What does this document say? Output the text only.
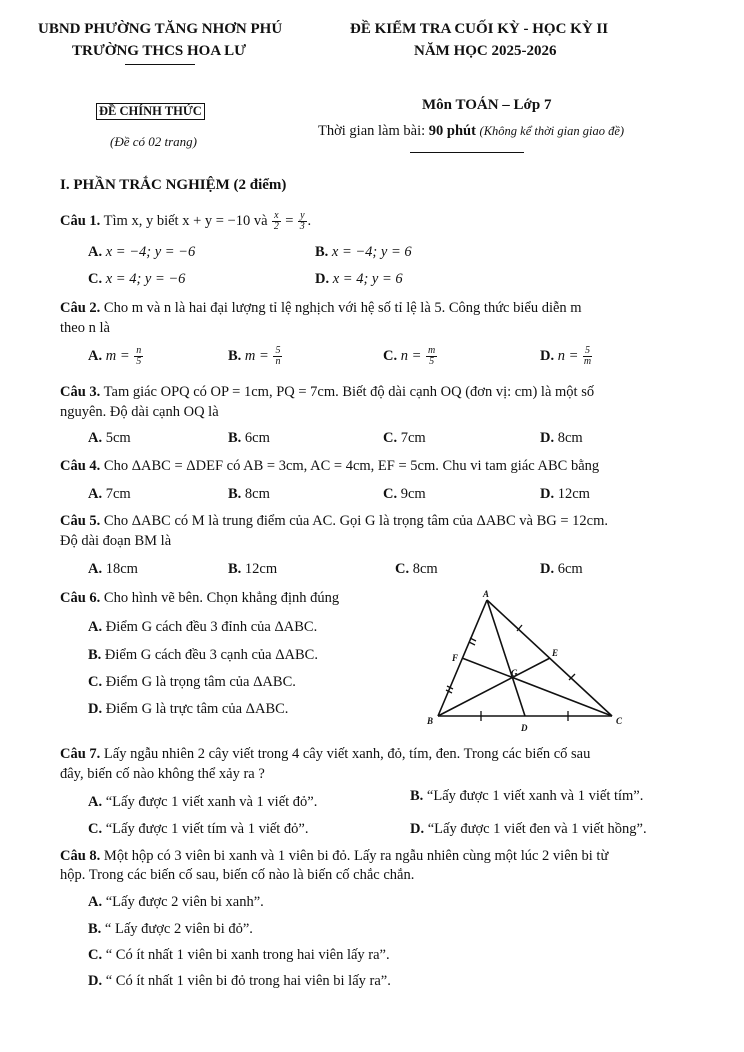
UBND PHƯỜNG TĂNG NHƠN PHÚ
TRƯỜNG THCS HOA LƯ
ĐỀ CHÍNH THỨC
(Đề có 02 trang)
ĐỀ KIỂM TRA CUỐI KỲ - HỌC KỲ II
NĂM HỌC 2025-2026
Môn TOÁN – Lớp 7
Thời gian làm bài: 90 phút (Không kể thời gian giao đề)
I. PHẦN TRẮC NGHIỆM (2 điểm)
Câu 1. Tìm x, y biết x + y = −10 và $\frac{x}{2} = \frac{y}{3}$ .
A. x = −4; y = −6	B. x = −4; y = 6
C. x = 4; y = −6	D. x = 4; y = 6
Câu 2. Cho m và n là hai đại lượng tỉ lệ nghịch với hệ số tỉ lệ là 5. Công thức biểu diễn m
theo n là
A. $m = \frac{n}{5}$	B. $m = \frac{5}{n}$	C. $n = \frac{m}{5}$	D. $n = \frac{5}{m}$
Câu 3. Tam giác OPQ có OP = 1cm, PQ = 7cm. Biết độ dài cạnh OQ (đơn vị: cm) là một số
nguyên. Độ dài cạnh OQ là
A. 5cm	B. 6cm	C. 7cm	D. 8cm
Câu 4. Cho ΔABC = ΔDEF có AB = 3cm, AC = 4cm, EF = 5cm. Chu vi tam giác ABC bằng
A. 7cm	B. 8cm	C. 9cm	D. 12cm
Câu 5. Cho ΔABC có M là trung điểm của AC. Gọi G là trọng tâm của ΔABC và BG = 12cm.
Độ dài đoạn BM là
A. 18cm	B. 12cm	C. 8cm	D. 6cm
Câu 6. Cho hình vẽ bên. Chọn khẳng định đúng
A. Điểm G cách đều 3 đỉnh của ΔABC.
B. Điểm G cách đều 3 cạnh của ΔABC.
C. Điểm G là trọng tâm của ΔABC.
D. Điểm G là trực tâm của ΔABC.
A
B	C
D
E
F
G
Câu 7. Lấy ngẫu nhiên 2 cây viết trong 4 cây viết xanh, đỏ, tím, đen. Trong các biến cố sau
đây, biến cố nào không thể xảy ra ?
A. “Lấy được 1 viết xanh và 1 viết đỏ”.	B. “Lấy được 1 viết xanh và 1 viết tím”.
C. “Lấy được 1 viết tím và 1 viết đỏ”.	D. “Lấy được 1 viết đen và 1 viết hồng”.
Câu 8. Một hộp có 3 viên bi xanh và 1 viên bi đỏ. Lấy ra ngẫu nhiên cùng một lúc 2 viên bi từ
hộp. Trong các biến cố sau, biến cố nào là biến cố chắc chắn.
A. “Lấy được 2 viên bi xanh”.
B. “ Lấy được 2 viên bi đỏ”.
C. “ Có ít nhất 1 viên bi xanh trong hai viên lấy ra”.
D. “ Có ít nhất 1 viên bi đỏ trong hai viên bi lấy ra”.
